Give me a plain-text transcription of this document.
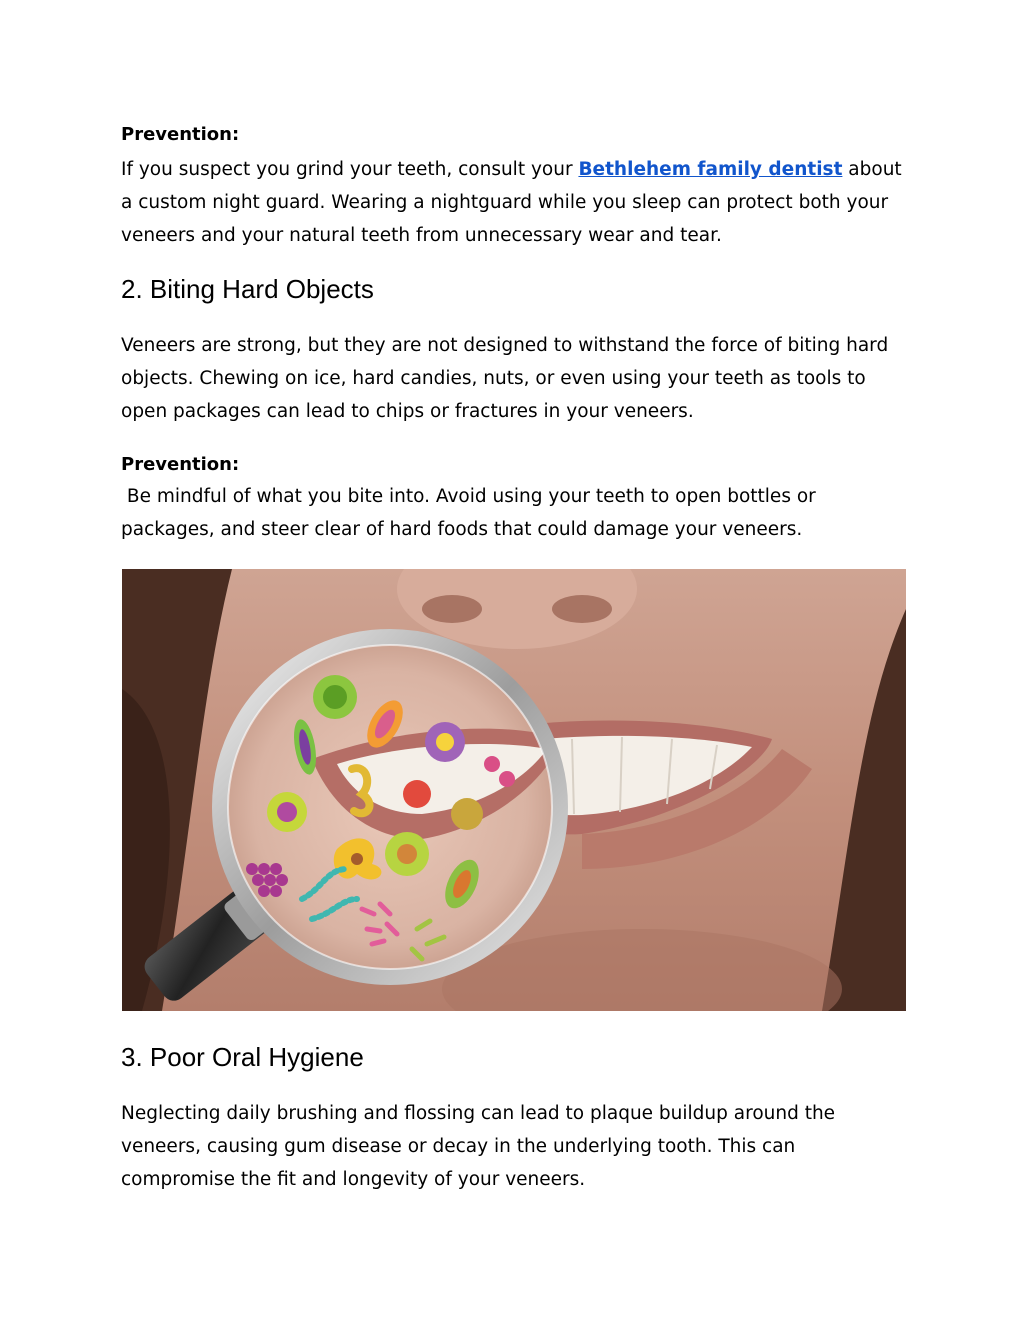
Prevention:

If you suspect you grind your teeth, consult your Bethlehem family dentist about a custom night guard. Wearing a nightguard while you sleep can protect both your veneers and your natural teeth from unnecessary wear and tear.

2. Biting Hard Objects

Veneers are strong, but they are not designed to withstand the force of biting hard objects. Chewing on ice, hard candies, nuts, or even using your teeth as tools to open packages can lead to chips or fractures in your veneers.

Prevention:

Be mindful of what you bite into. Avoid using your teeth to open bottles or packages, and steer clear of hard foods that could damage your veneers.

3. Poor Oral Hygiene

Neglecting daily brushing and flossing can lead to plaque buildup around the veneers, causing gum disease or decay in the underlying tooth. This can compromise the fit and longevity of your veneers.
